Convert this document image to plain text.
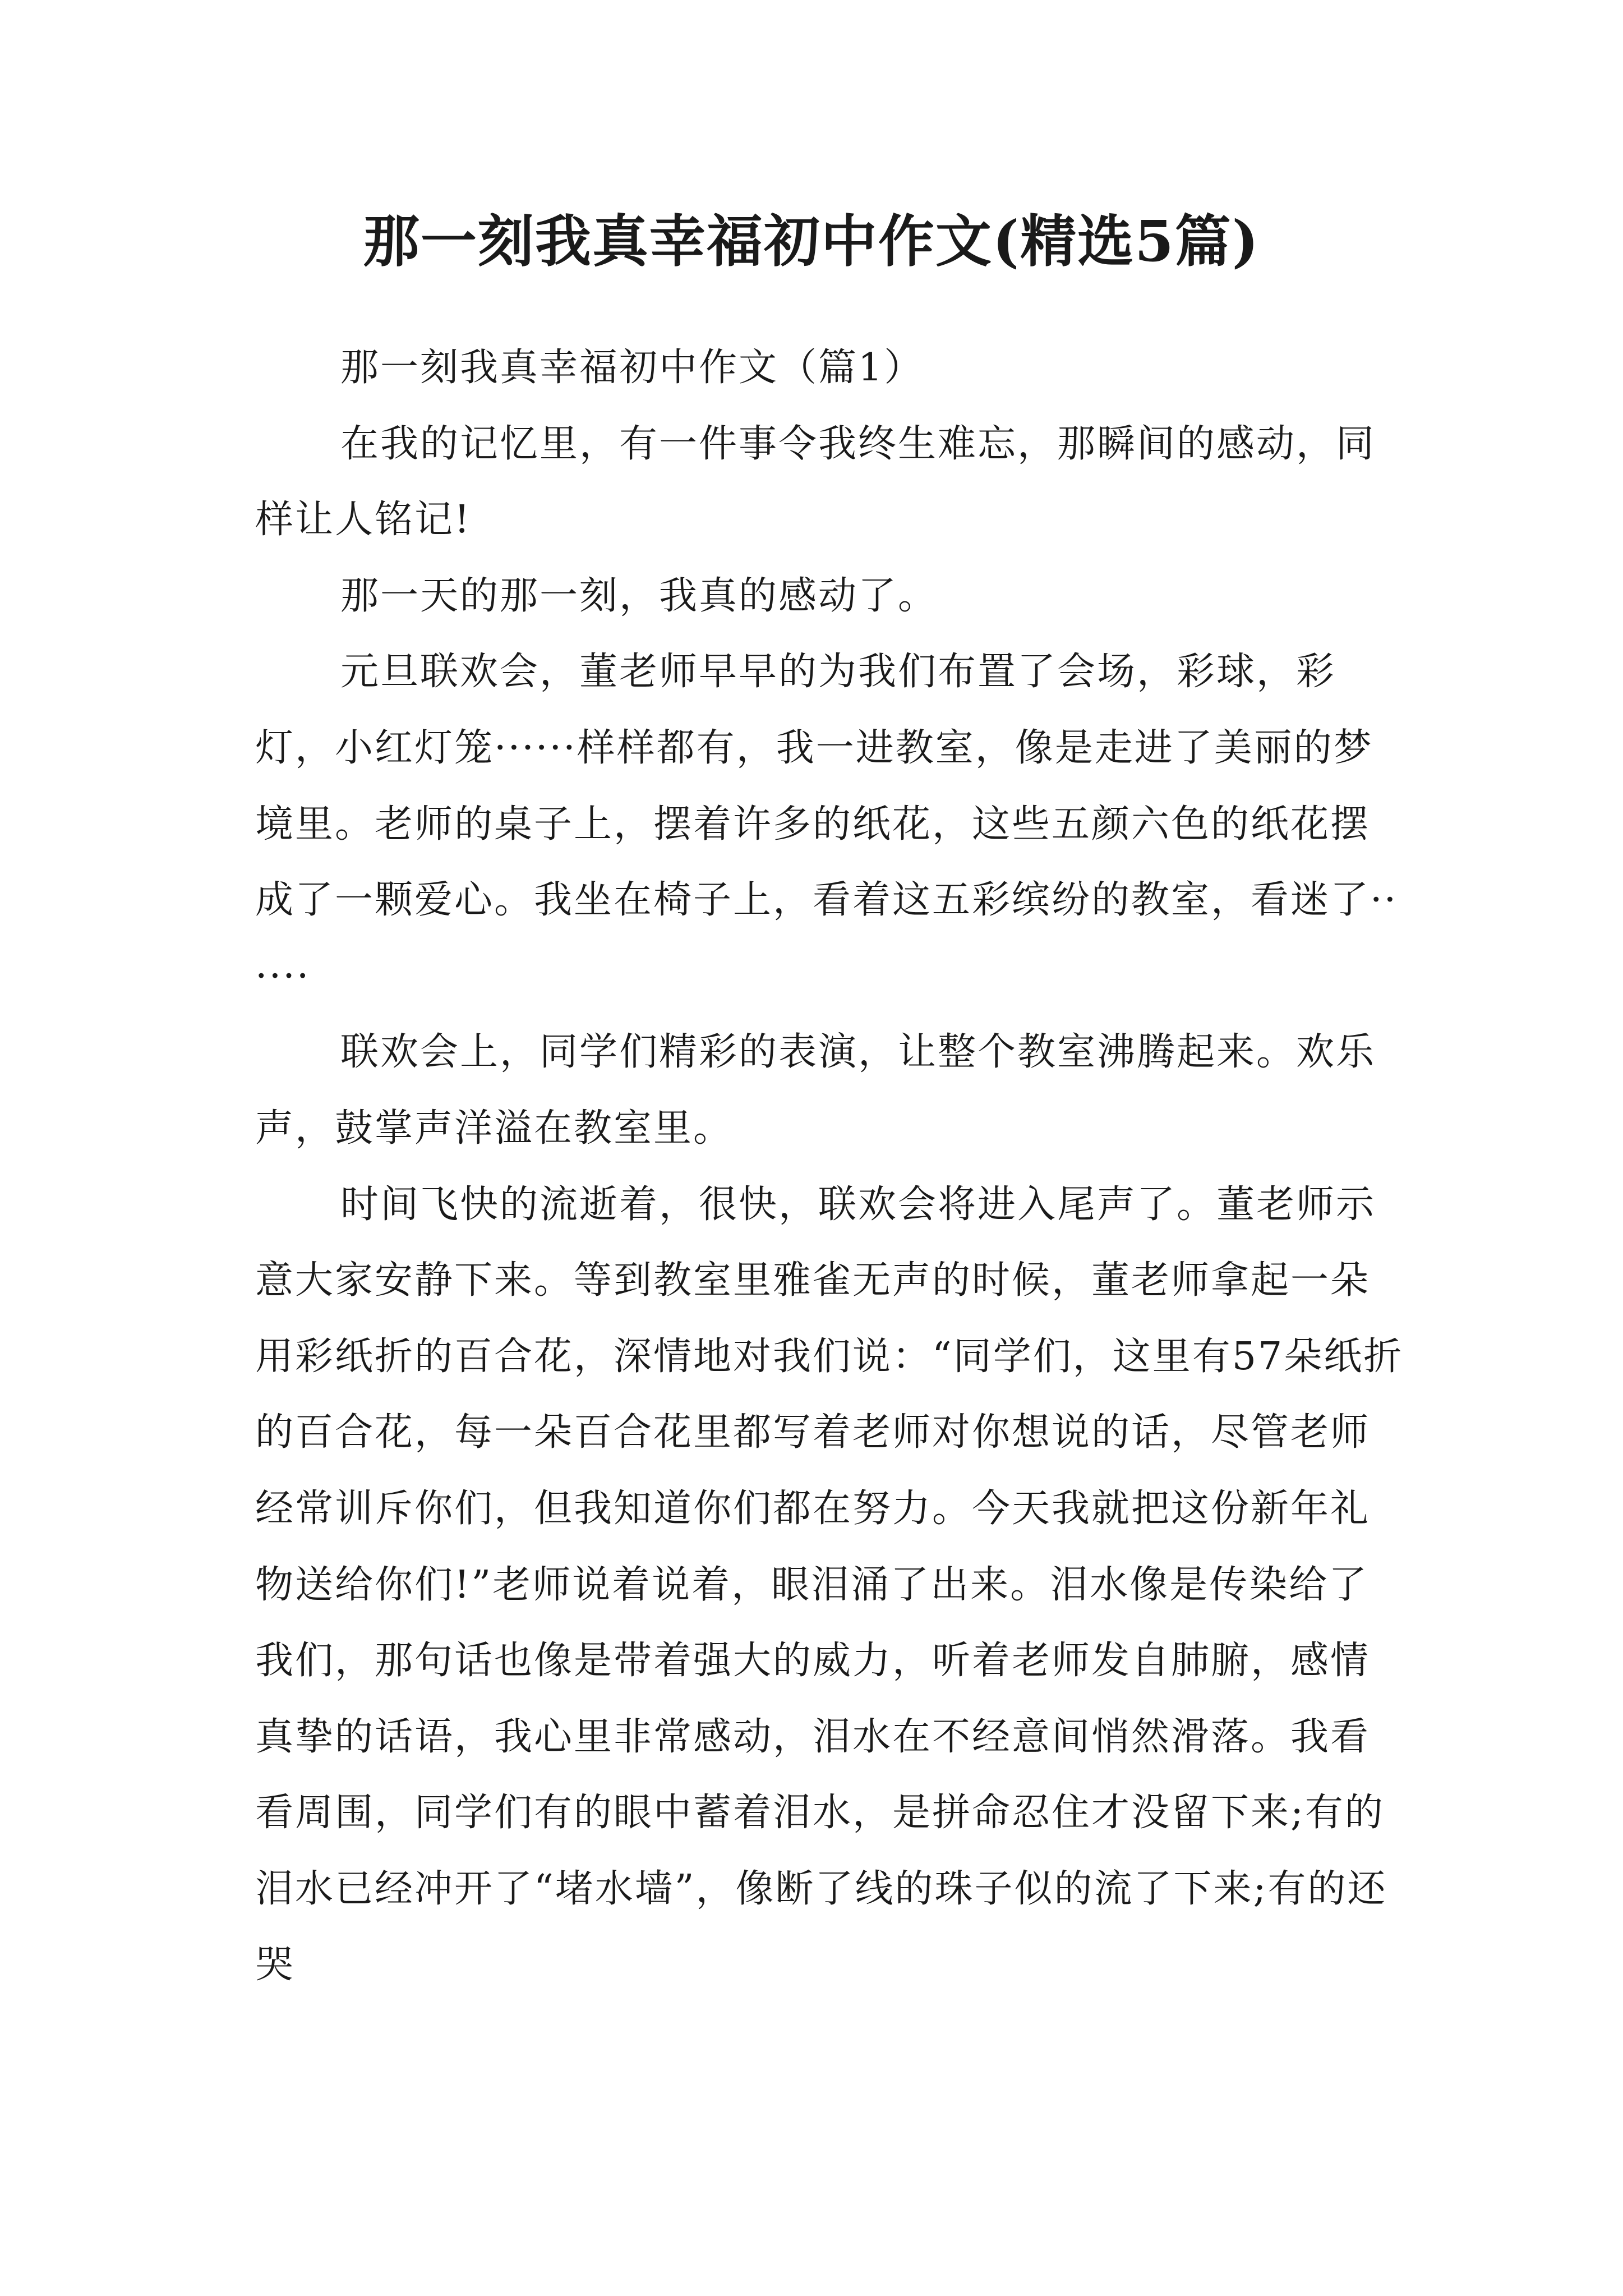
那一刻我真幸福初中作文(精选5篇)

那一刻我真幸福初中作文（篇1）

在我的记忆里，有一件事令我终生难忘，那瞬间的感动，同样让人铭记!

那一天的那一刻，我真的感动了。

元旦联欢会，董老师早早的为我们布置了会场，彩球，彩灯，小红灯笼······样样都有，我一进教室，像是走进了美丽的梦境里。老师的桌子上，摆着许多的纸花，这些五颜六色的纸花摆成了一颗爱心。我坐在椅子上，看着这五彩缤纷的教室，看迷了······

联欢会上，同学们精彩的表演，让整个教室沸腾起来。欢乐声，鼓掌声洋溢在教室里。

时间飞快的流逝着，很快，联欢会将进入尾声了。董老师示意大家安静下来。等到教室里雅雀无声的时候，董老师拿起一朵用彩纸折的百合花，深情地对我们说：“同学们，这里有57朵纸折的百合花，每一朵百合花里都写着老师对你想说的话，尽管老师经常训斥你们，但我知道你们都在努力。今天我就把这份新年礼物送给你们!”老师说着说着，眼泪涌了出来。泪水像是传染给了我们，那句话也像是带着强大的威力，听着老师发自肺腑，感情真挚的话语，我心里非常感动，泪水在不经意间悄然滑落。我看看周围，同学们有的眼中蓄着泪水，是拼命忍住才没留下来;有的泪水已经冲开了“堵水墙”，像断了线的珠子似的流了下来;有的还哭
